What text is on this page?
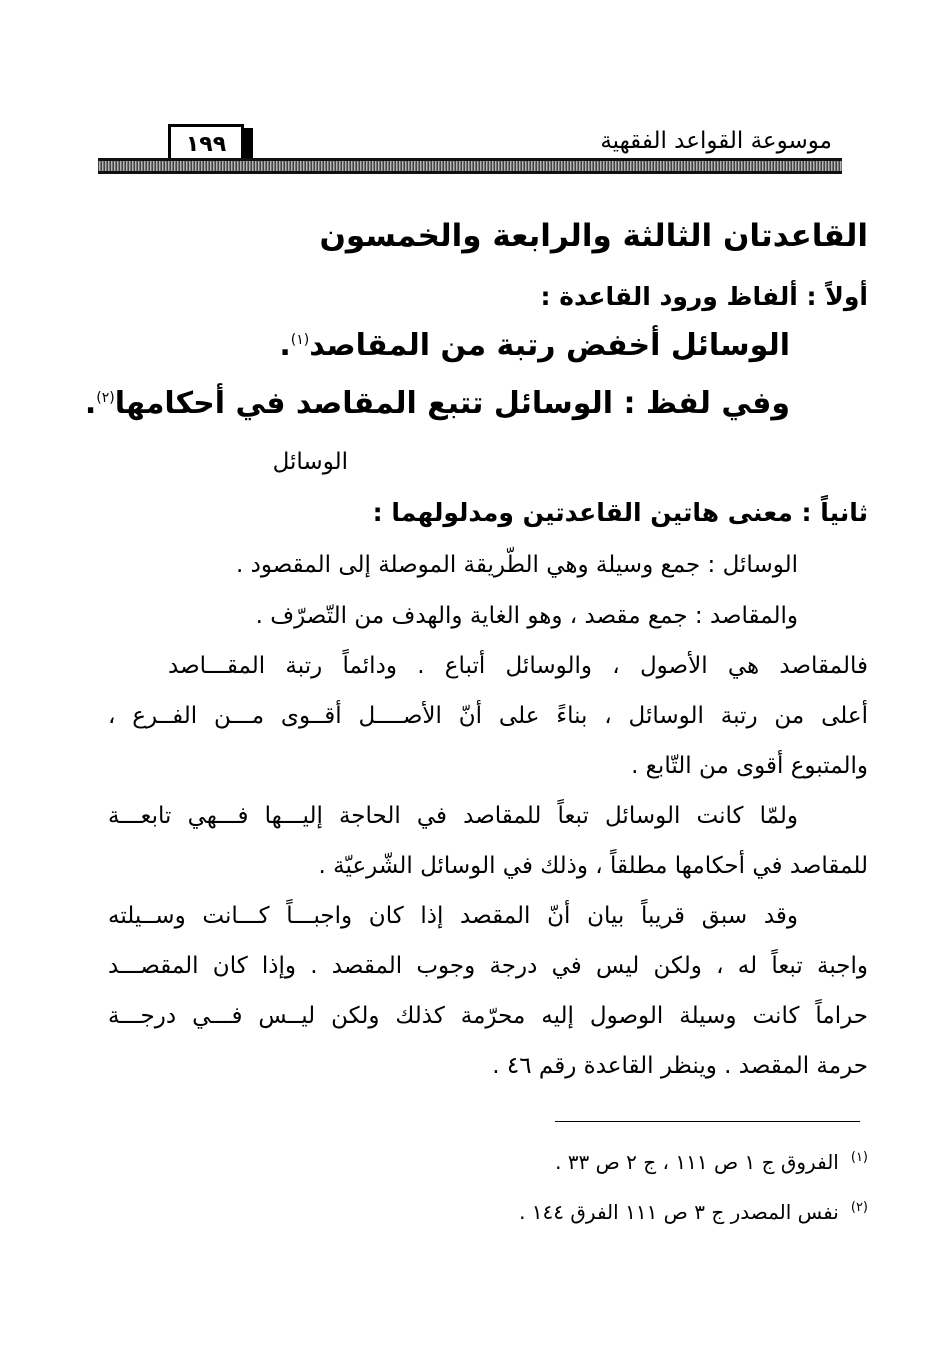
موسوعة القواعد الفقهية
١٩٩
القاعدتان الثالثة والرابعة والخمسون
أولاً : ألفاظ ورود القاعدة :
الوسائل أخفض رتبة من المقاصد$^{(١)}$.
وفي لفظ : الوسائل تتبع المقاصد في أحكامها$^{(٢)}$.
الوسائل
ثانياً : معنى هاتين القاعدتين ومدلولهما :
الوسائل : جمع وسيلة وهي الطّريقة الموصلة إلى المقصود .
والمقاصد : جمع مقصد ، وهو الغاية والهدف من التّصرّف .
فالمقاصد هي الأصول ، والوسائل أتباع . ودائماً رتبة المقـــاصد
أعلى من رتبة الوسائل ، بناءً على أنّ الأصــــل أقــوى مـــن الفــرع ،
والمتبوع أقوى من التّابع .
ولمّا كانت الوسائل تبعاً للمقاصد في الحاجة إليـــها فـــهي تابعـــة
للمقاصد في أحكامها مطلقاً ، وذلك في الوسائل الشّرعيّة .
وقد سبق قريباً بيان أنّ المقصد إذا كان واجبـــاً كـــانت وســيلته
واجبة تبعاً له ، ولكن ليس في درجة وجوب المقصد . وإذا كان المقصـــد
حراماً كانت وسيلة الوصول إليه محرّمة كذلك ولكن ليــس فـــي درجـــة
حرمة المقصد . وينظر القاعدة رقم ٤٦ .
$^{(١)}$الفروق ج ١ ص ١١١ ، ج ٢ ص ٣٣ .
$^{(٢)}$نفس المصدر ج ٣ ص ١١١ الفرق ١٤٤ .
